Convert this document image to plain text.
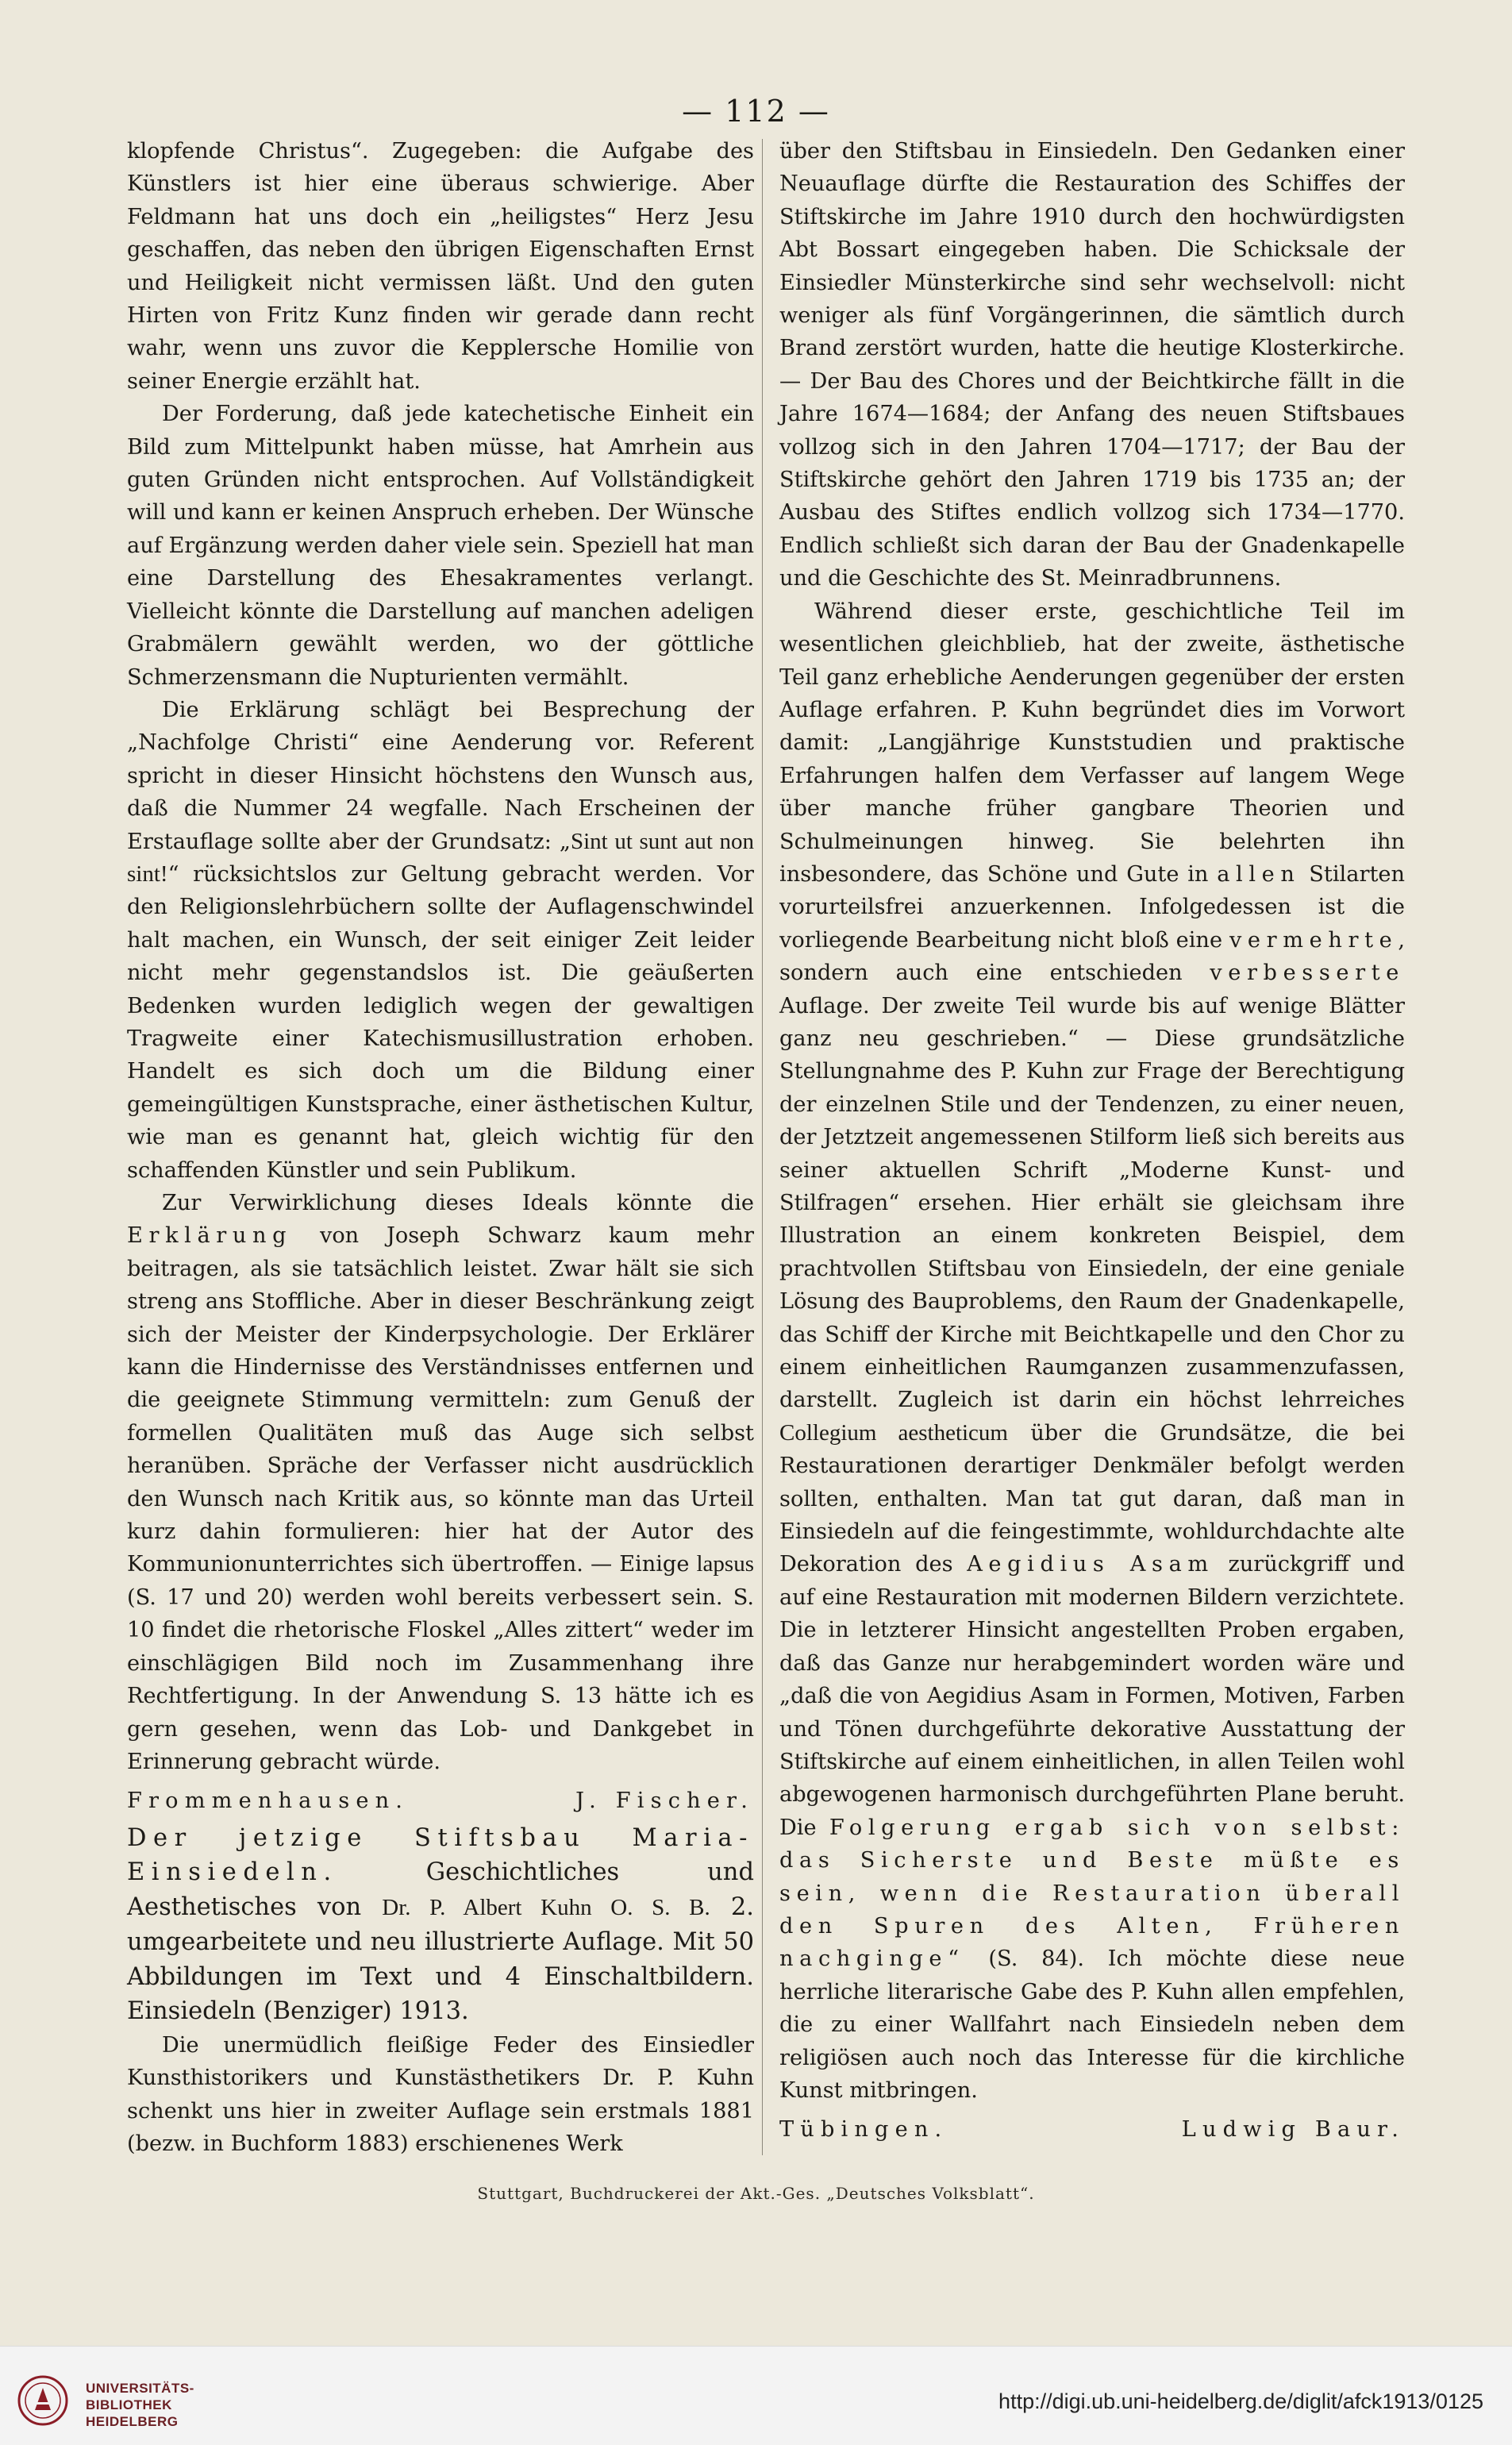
— 112 —

klopfende Christus“. Zugegeben: die Aufgabe des Künstlers ist hier eine überaus schwierige. Aber Feldmann hat uns doch ein „heiligstes“ Herz Jesu geschaffen, das neben den übrigen Eigenschaften Ernst und Heiligkeit nicht vermissen läßt. Und den guten Hirten von Fritz Kunz finden wir gerade dann recht wahr, wenn uns zuvor die Kepplersche Homilie von seiner Energie erzählt hat.

Der Forderung, daß jede katechetische Einheit ein Bild zum Mittelpunkt haben müsse, hat Amrhein aus guten Gründen nicht entsprochen. Auf Vollständigkeit will und kann er keinen Anspruch erheben. Der Wünsche auf Ergänzung werden daher viele sein. Speziell hat man eine Darstellung des Ehesakramentes verlangt. Vielleicht könnte die Darstellung auf manchen adeligen Grabmälern gewählt werden, wo der göttliche Schmerzensmann die Nupturienten vermählt.

Die Erklärung schlägt bei Besprechung der „Nachfolge Christi“ eine Aenderung vor. Referent spricht in dieser Hinsicht höchstens den Wunsch aus, daß die Nummer 24 wegfalle. Nach Erscheinen der Erstauflage sollte aber der Grundsatz: „Sint ut sunt aut non sint!“ rücksichtslos zur Geltung gebracht werden. Vor den Religionslehrbüchern sollte der Auflagenschwindel halt machen, ein Wunsch, der seit einiger Zeit leider nicht mehr gegenstandslos ist. Die geäußerten Bedenken wurden lediglich wegen der gewaltigen Tragweite einer Katechismusillustration erhoben. Handelt es sich doch um die Bildung einer gemeingültigen Kunstsprache, einer ästhetischen Kultur, wie man es genannt hat, gleich wichtig für den schaffenden Künstler und sein Publikum.

Zur Verwirklichung dieses Ideals könnte die Erklärung von Joseph Schwarz kaum mehr beitragen, als sie tatsächlich leistet. Zwar hält sie sich streng ans Stoffliche. Aber in dieser Beschränkung zeigt sich der Meister der Kinderpsychologie. Der Erklärer kann die Hindernisse des Verständnisses entfernen und die geeignete Stimmung vermitteln: zum Genuß der formellen Qualitäten muß das Auge sich selbst heranüben. Spräche der Verfasser nicht ausdrücklich den Wunsch nach Kritik aus, so könnte man das Urteil kurz dahin formulieren: hier hat der Autor des Kommunionunterrichtes sich übertroffen. — Einige lapsus (S. 17 und 20) werden wohl bereits verbessert sein. S. 10 findet die rhetorische Floskel „Alles zittert“ weder im einschlägigen Bild noch im Zusammenhang ihre Rechtfertigung. In der Anwendung S. 13 hätte ich es gern gesehen, wenn das Lob- und Dankgebet in Erinnerung gebracht würde.

Frommenhausen.	J. Fischer.

Der jetzige Stiftsbau Maria-Einsiedeln.	Geschichtliches und Aesthetisches von Dr. P. Albert Kuhn O. S. B. 2. umgearbeitete und neu illustrierte Auflage. Mit 50 Abbildungen im Text und 4 Einschaltbildern. Einsiedeln (Benziger) 1913.

Die unermüdlich fleißige Feder des Einsiedler Kunsthistorikers und Kunstästhetikers Dr. P. Kuhn schenkt uns hier in zweiter Auflage sein erstmals 1881 (bezw. in Buchform 1883) erschienenes Werk

über den Stiftsbau in Einsiedeln. Den Gedanken einer Neuauflage dürfte die Restauration des Schiffes der Stiftskirche im Jahre 1910 durch den hochwürdigsten Abt Bossart eingegeben haben. Die Schicksale der Einsiedler Münsterkirche sind sehr wechselvoll: nicht weniger als fünf Vorgängerinnen, die sämtlich durch Brand zerstört wurden, hatte die heutige Klosterkirche. — Der Bau des Chores und der Beichtkirche fällt in die Jahre 1674—1684; der Anfang des neuen Stiftsbaues vollzog sich in den Jahren 1704—1717; der Bau der Stiftskirche gehört den Jahren 1719 bis 1735 an; der Ausbau des Stiftes endlich vollzog sich 1734—1770. Endlich schließt sich daran der Bau der Gnadenkapelle und die Geschichte des St. Meinradbrunnens.

Während dieser erste, geschichtliche Teil im wesentlichen gleichblieb, hat der zweite, ästhetische Teil ganz erhebliche Aenderungen gegenüber der ersten Auflage erfahren. P. Kuhn begründet dies im Vorwort damit: „Langjährige Kunststudien und praktische Erfahrungen halfen dem Verfasser auf langem Wege über manche früher gangbare Theorien und Schulmeinungen hinweg. Sie belehrten ihn insbesondere, das Schöne und Gute in allen Stilarten vorurteilsfrei anzuerkennen. Infolgedessen ist die vorliegende Bearbeitung nicht bloß eine vermehrte, sondern auch eine entschieden verbesserte Auflage. Der zweite Teil wurde bis auf wenige Blätter ganz neu geschrieben.“ — Diese grundsätzliche Stellungnahme des P. Kuhn zur Frage der Berechtigung der einzelnen Stile und der Tendenzen, zu einer neuen, der Jetztzeit angemessenen Stilform ließ sich bereits aus seiner aktuellen Schrift „Moderne Kunst- und Stilfragen“ ersehen. Hier erhält sie gleichsam ihre Illustration an einem konkreten Beispiel, dem prachtvollen Stiftsbau von Einsiedeln, der eine geniale Lösung des Bauproblems, den Raum der Gnadenkapelle, das Schiff der Kirche mit Beichtkapelle und den Chor zu einem einheitlichen Raumganzen zusammenzufassen, darstellt. Zugleich ist darin ein höchst lehrreiches Collegium aestheticum über die Grundsätze, die bei Restaurationen derartiger Denkmäler befolgt werden sollten, enthalten. Man tat gut daran, daß man in Einsiedeln auf die feingestimmte, wohldurchdachte alte Dekoration des Aegidius Asam zurückgriff und auf eine Restauration mit modernen Bildern verzichtete. Die in letzterer Hinsicht angestellten Proben ergaben, daß das Ganze nur herabgemindert worden wäre und „daß die von Aegidius Asam in Formen, Motiven, Farben und Tönen durchgeführte dekorative Ausstattung der Stiftskirche auf einem einheitlichen, in allen Teilen wohl abgewogenen harmonisch durchgeführten Plane beruht. Die Folgerung ergab sich von selbst: das Sicherste und Beste müßte es sein, wenn die Restauration überall den Spuren des Alten, Früheren nachginge“ (S. 84). Ich möchte diese neue herrliche literarische Gabe des P. Kuhn allen empfehlen, die zu einer Wallfahrt nach Einsiedeln neben dem religiösen auch noch das Interesse für die kirchliche Kunst mitbringen.

Tübingen.	Ludwig Baur.
Stuttgart, Buchdruckerei der Akt.-Ges. „Deutsches Volksblatt“.
UNIVERSITÄTS-
BIBLIOTHEK
HEIDELBERG
http://digi.ub.uni-heidelberg.de/diglit/afck1913/0125
